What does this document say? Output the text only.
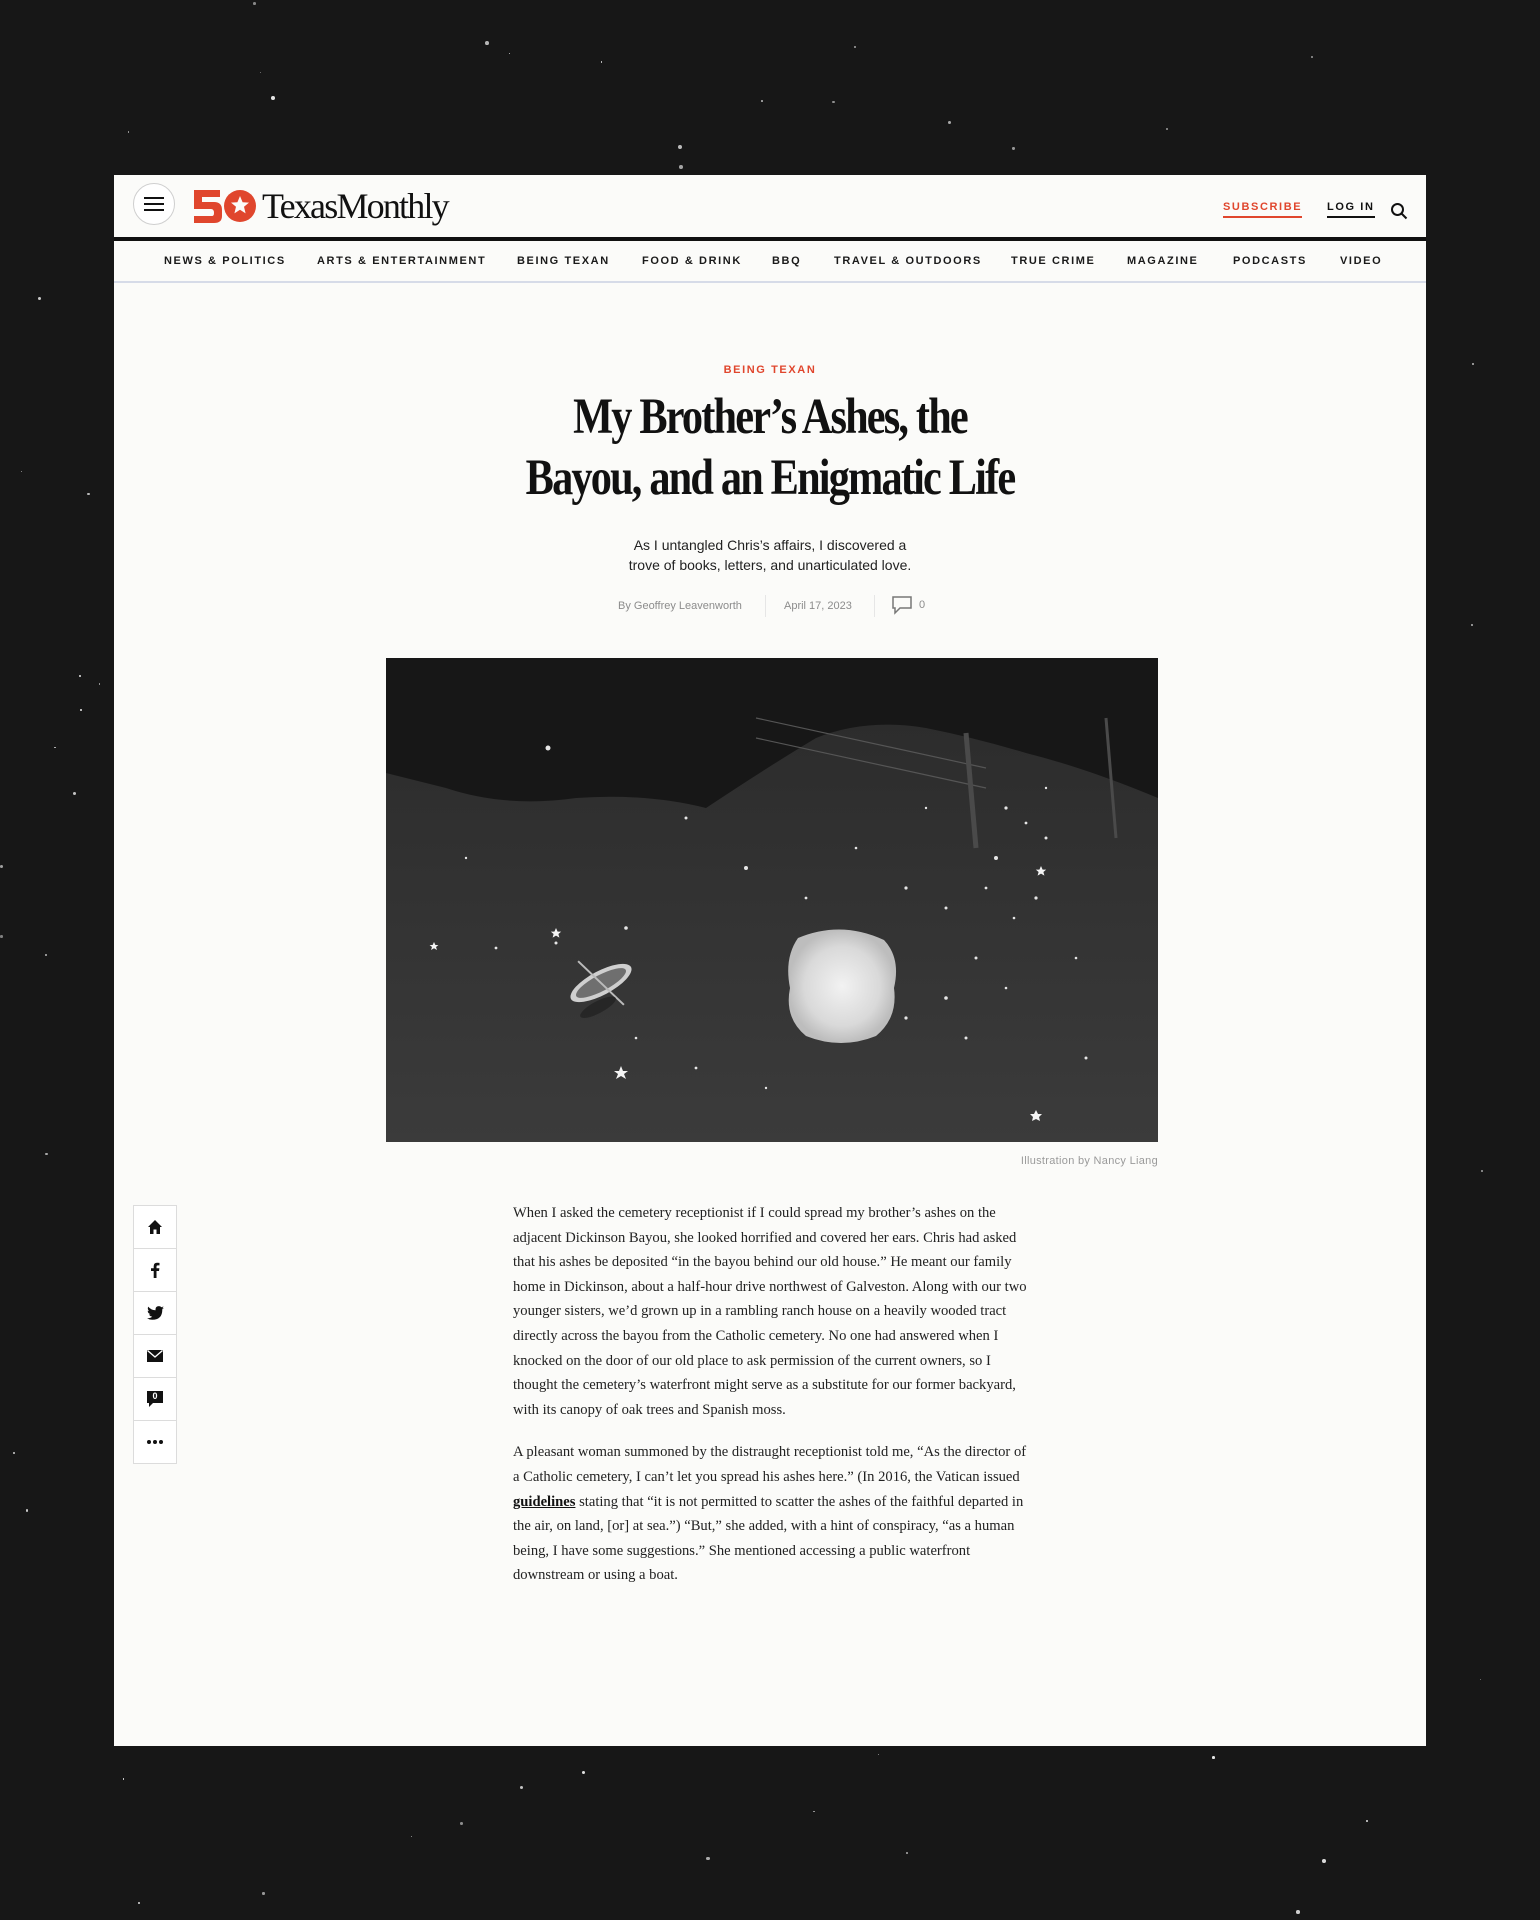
TexasMonthly	SUBSCRIBE LOG IN
NEWS & POLITICS	ARTS & ENTERTAINMENT	BEING TEXAN	FOOD & DRINK	BBQ	TRAVEL & OUTDOORS	TRUE CRIME	MAGAZINE	PODCASTS	VIDEO
BEING TEXAN
My Brother’s Ashes, the
Bayou, and an Enigmatic Life
As I untangled Chris’s affairs, I discovered a
trove of books, letters, and unarticulated love.
By Geoffrey Leavenworth	April 17, 2023	0
Illustration by Nancy Liang
0

When I asked the cemetery receptionist if I could spread my brother’s ashes on the adjacent Dickinson Bayou, she looked horrified and covered her ears. Chris had asked that his ashes be deposited “in the bayou behind our old house.” He meant our family home in Dickinson, about a half-hour drive northwest of Galveston. Along with our two younger sisters, we’d grown up in a rambling ranch house on a heavily wooded tract directly across the bayou from the Catholic cemetery. No one had answered when I knocked on the door of our old place to ask permission of the current owners, so I thought the cemetery’s waterfront might serve as a substitute for our former backyard, with its canopy of oak trees and Spanish moss.

A pleasant woman summoned by the distraught receptionist told me, “As the director of a Catholic cemetery, I can’t let you spread his ashes here.” (In 2016, the Vatican issued guidelines stating that “it is not permitted to scatter the ashes of the faithful departed in the air, on land, [or] at sea.”) “But,” she added, with a hint of conspiracy, “as a human being, I have some suggestions.” She mentioned accessing a public waterfront downstream or using a boat.
